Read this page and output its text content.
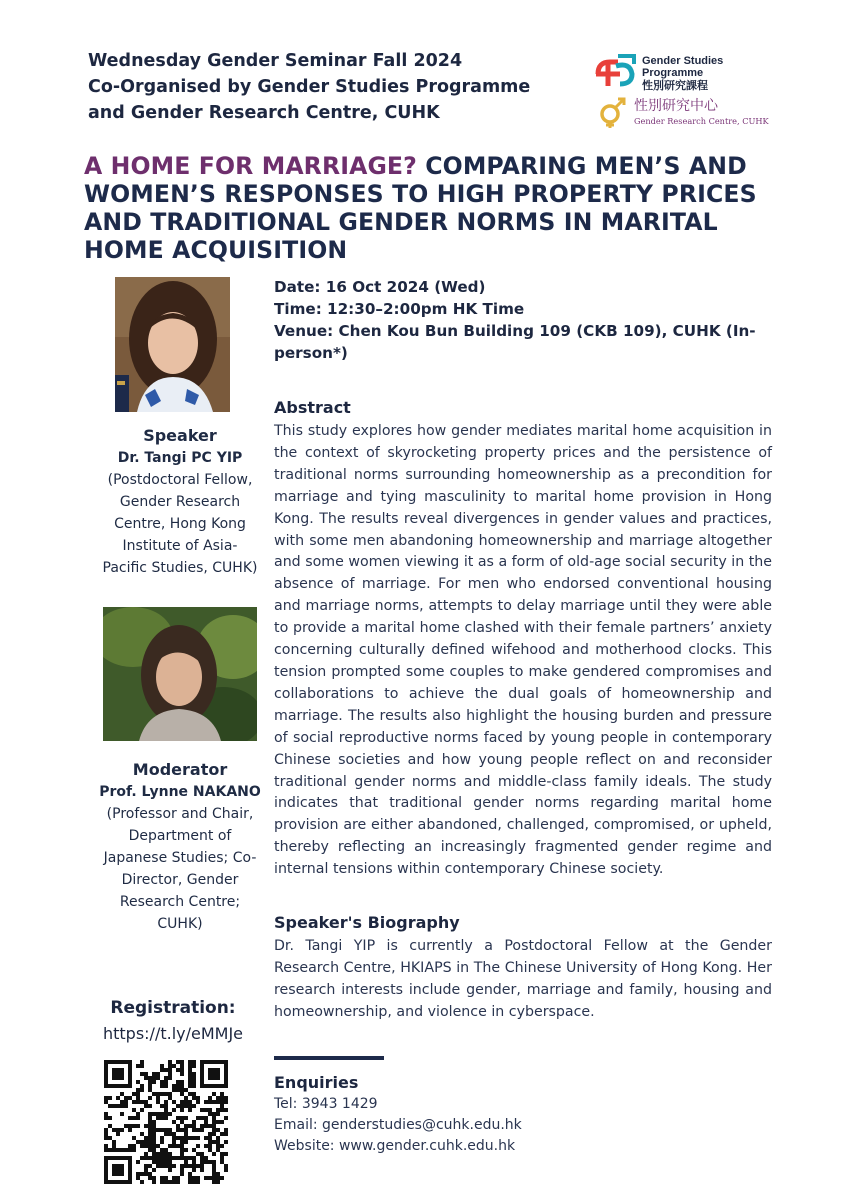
Wednesday Gender Seminar Fall 2024
Co-Organised by Gender Studies Programme
and Gender Research Centre, CUHK
Gender Studies
Programme
性別研究課程
性別研究中心
Gender Research Centre, CUHK
A HOME FOR MARRIAGE? COMPARING MEN’S AND WOMEN’S RESPONSES TO HIGH PROPERTY PRICES AND TRADITIONAL GENDER NORMS IN MARITAL HOME ACQUISITION
Speaker
Dr. Tangi PC YIP
(Postdoctoral Fellow,
Gender Research
Centre, Hong Kong
Institute of Asia-
Pacific Studies, CUHK)
Moderator
Prof. Lynne NAKANO
(Professor and Chair,
Department of
Japanese Studies; Co-
Director, Gender
Research Centre;
CUHK)
Date: 16 Oct 2024 (Wed)
Time: 12:30–2:00pm HK Time
Venue: Chen Kou Bun Building 109 (CKB 109), CUHK (In-
person*)
Abstract

This study explores how gender mediates marital home acquisition in the context of skyrocketing property prices and the persistence of traditional norms surrounding homeownership as a precondition for marriage and tying masculinity to marital home provision in Hong Kong. The results reveal divergences in gender values and practices, with some men abandoning homeownership and marriage altogether and some women viewing it as a form of old-age social security in the absence of marriage. For men who endorsed conventional housing and marriage norms, attempts to delay marriage until they were able to provide a marital home clashed with their female partners’ anxiety concerning culturally defined wifehood and motherhood clocks. This tension prompted some couples to make gendered compromises and collaborations to achieve the dual goals of homeownership and marriage. The results also highlight the housing burden and pressure of social reproductive norms faced by young people in contemporary Chinese societies and how young people reflect on and reconsider traditional gender norms and middle-class family ideals. The study indicates that traditional gender norms regarding marital home provision are either abandoned, challenged, compromised, or upheld, thereby reflecting an increasingly fragmented gender regime and internal tensions within contemporary Chinese society.

Speaker's Biography

Dr. Tangi YIP is currently a Postdoctoral Fellow at the Gender Research Centre, HKIAPS in The Chinese University of Hong Kong. Her research interests include gender, marriage and family, housing and homeownership, and violence in cyberspace.

Registration:
https://t.ly/eMMJe
Enquiries
Tel: 3943 1429
Email: genderstudies@cuhk.edu.hk
Website: www.gender.cuhk.edu.hk
